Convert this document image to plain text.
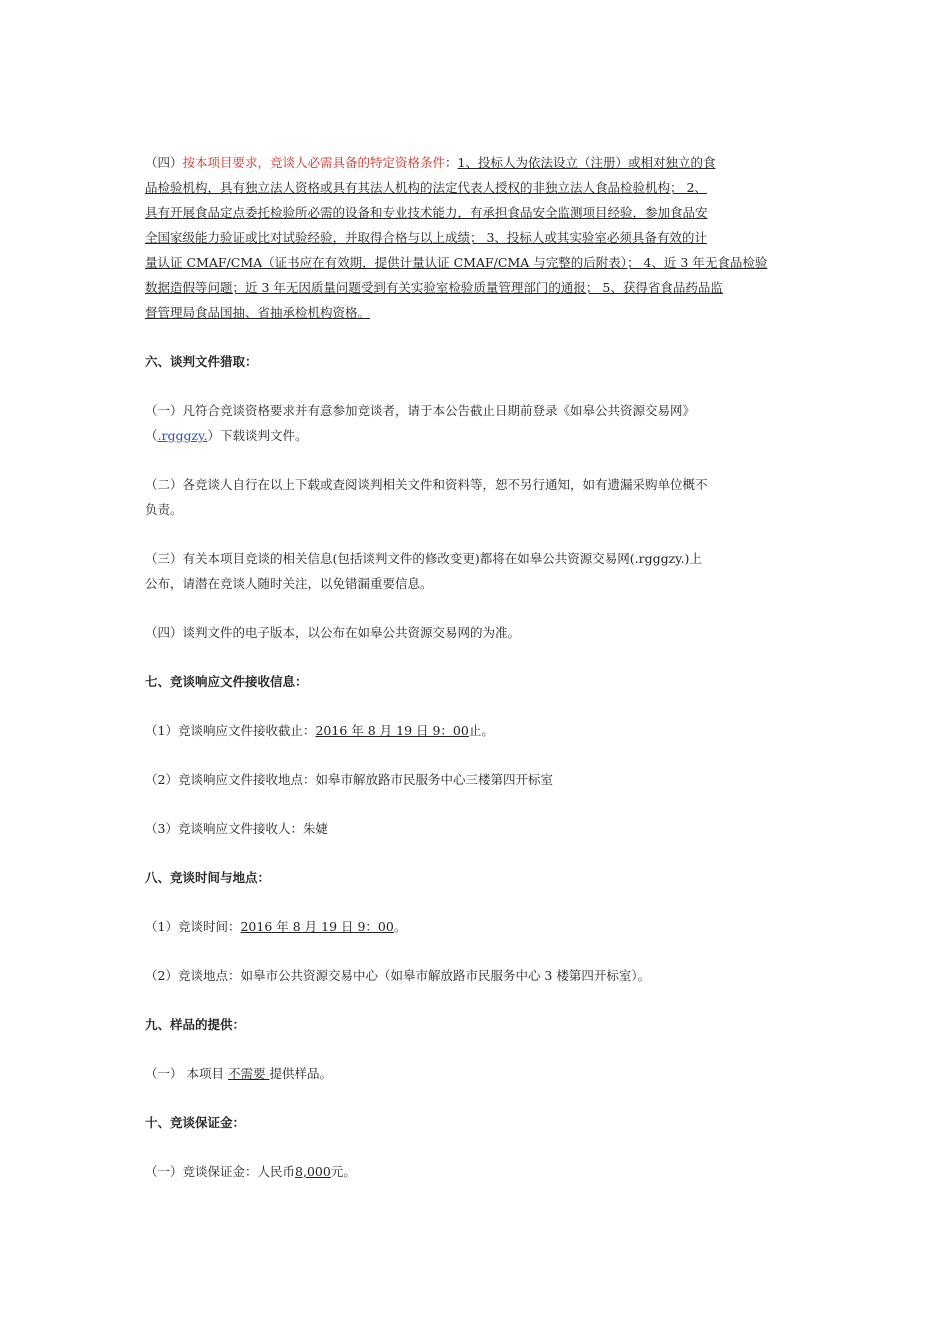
（四）按本项目要求，竞谈人必需具备的特定资格条件：1、投标人为依法设立（注册）或相对独立的食

品检验机构，具有独立法人资格或具有其法人机构的法定代表人授权的非独立法人食品检验机构； 2、

具有开展食品定点委托检验所必需的设备和专业技术能力，有承担食品安全监测项目经验，参加食品安

全国家级能力验证或比对试验经验，并取得合格与以上成绩； 3、投标人或其实验室必须具备有效的计

量认证 CMAF/CMA（证书应在有效期，提供计量认证 CMAF/CMA 与完整的后附表）； 4、近 3 年无食品检验

数据造假等问题；近 3 年无因质量问题受到有关实验室检验质量管理部门的通报； 5、获得省食品药品监

督管理局食品国抽、省抽承检机构资格。

六、谈判文件猎取：

（一）凡符合竞谈资格要求并有意参加竞谈者，请于本公告截止日期前登录《如皋公共资源交易网》

（.rgggzy.）下载谈判文件。

（二）各竞谈人自行在以上下载或查阅谈判相关文件和资料等，恕不另行通知，如有遗漏采购单位概不

负责。

（三）有关本项目竞谈的相关信息(包括谈判文件的修改变更)都将在如皋公共资源交易网(.rgggzy.)上

公布，请潜在竞谈人随时关注，以免错漏重要信息。

（四）谈判文件的电子版本，以公布在如皋公共资源交易网的为准。

七、竞谈响应文件接收信息：

（1）竞谈响应文件接收截止：2016 年 8 月 19 日 9：00止。

（2）竞谈响应文件接收地点：如皋市解放路市民服务中心三楼第四开标室

（3）竞谈响应文件接收人：朱婕

八、竞谈时间与地点：

（1）竞谈时间：2016 年 8 月 19 日 9：00。

（2）竞谈地点：如皋市公共资源交易中心（如皋市解放路市民服务中心 3 楼第四开标室）。

九、样品的提供：

（一） 本项目 不需要 提供样品。

十、竞谈保证金：

（一）竞谈保证金：人民币8,000元。
